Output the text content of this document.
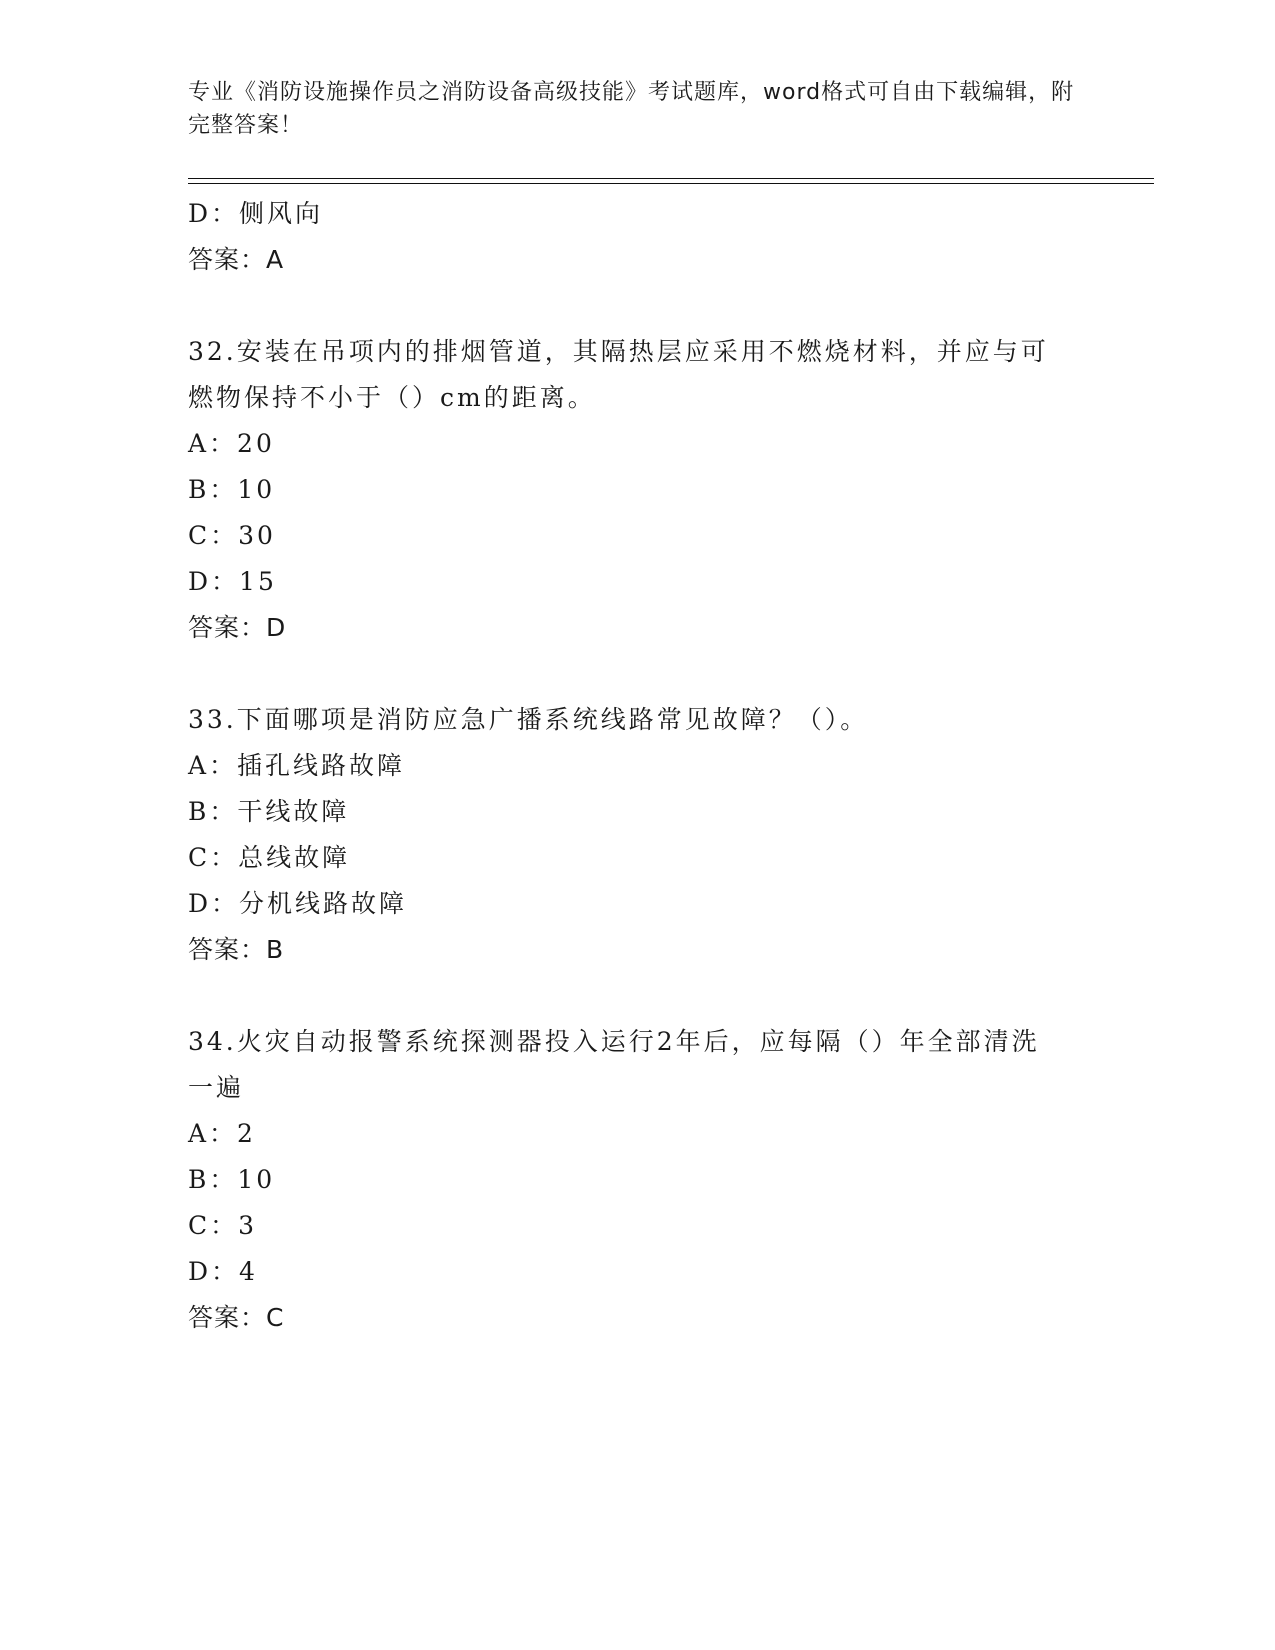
专业《消防设施操作员之消防设备高级技能》考试题库，word格式可自由下载编辑，附完整答案！
D：侧风向
答案：A
32.安装在吊项内的排烟管道，其隔热层应采用不燃烧材料，并应与可
燃物保持不小于（）cm的距离。
A：20
B：10
C：30
D：15
答案：D
33.下面哪项是消防应急广播系统线路常见故障？（）。
A：插孔线路故障
B：干线故障
C：总线故障
D：分机线路故障
答案：B
34.火灾自动报警系统探测器投入运行2年后，应每隔（）年全部清洗
一遍
A：2
B：10
C：3
D：4
答案：C
